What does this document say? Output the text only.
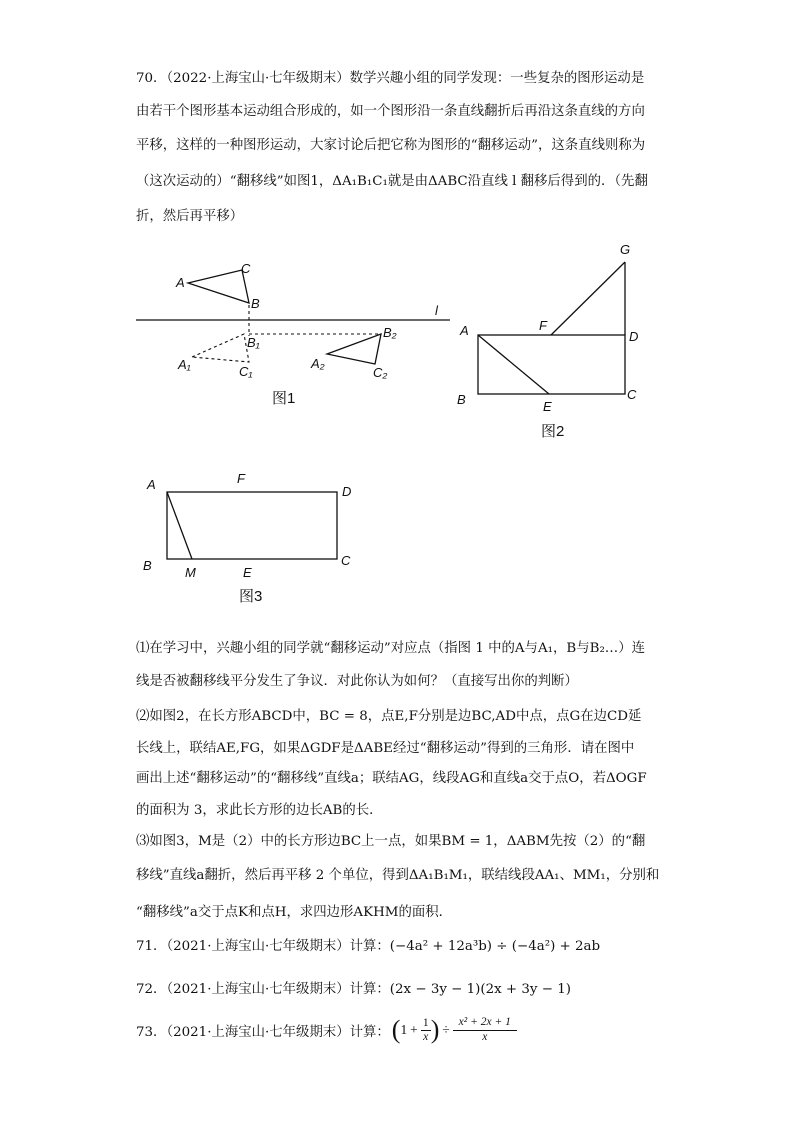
70．（2022·上海宝山·七年级期末）数学兴趣小组的同学发现：一些复杂的图形运动是
由若干个图形基本运动组合形成的，如一个图形沿一条直线翻折后再沿这条直线的方向
平移，这样的一种图形运动，大家讨论后把它称为图形的“翻移运动”，这条直线则称为
（这次运动的）“翻移线”如图1，ΔA₁B₁C₁就是由ΔABC沿直线 l 翻移后得到的．（先翻
折，然后再平移）
l
A
C
B
B₁
A₁	C₁
B₂
A₂
C₂
图1
G
F
D
A
B	E
C
图2
A	F
D
B	M	E
C
图3
⑴在学习中，兴趣小组的同学就“翻移运动”对应点（指图 1 中的A与A₁，B与B₂…）连
线是否被翻移线平分发生了争议．对此你认为如何？（直接写出你的判断）
⑵如图2，在长方形ABCD中，BC = 8，点E,F分别是边BC,AD中点，点G在边CD延
长线上，联结AE,FG，如果ΔGDF是ΔABE经过“翻移运动”得到的三角形．请在图中
画出上述“翻移运动”的“翻移线”直线a；联结AG，线段AG和直线a交于点O，若ΔOGF
的面积为 3，求此长方形的边长AB的长．
⑶如图3，M是（2）中的长方形边BC上一点，如果BM = 1，ΔABM先按（2）的“翻
移线”直线a翻折，然后再平移 2 个单位，得到ΔA₁B₁M₁，联结线段AA₁、MM₁，分别和
“翻移线”a交于点K和点H，求四边形AKHM的面积．
71．（2021·上海宝山·七年级期末）计算：(−4a² + 12a³b) ÷ (−4a²) + 2ab
72．（2021·上海宝山·七年级期末）计算：(2x − 3y − 1)(2x + 3y − 1)
73．（2021·上海宝山·七年级期末）计算： ( 1 + 1
x ) ÷
x² + 2x + 1
x
